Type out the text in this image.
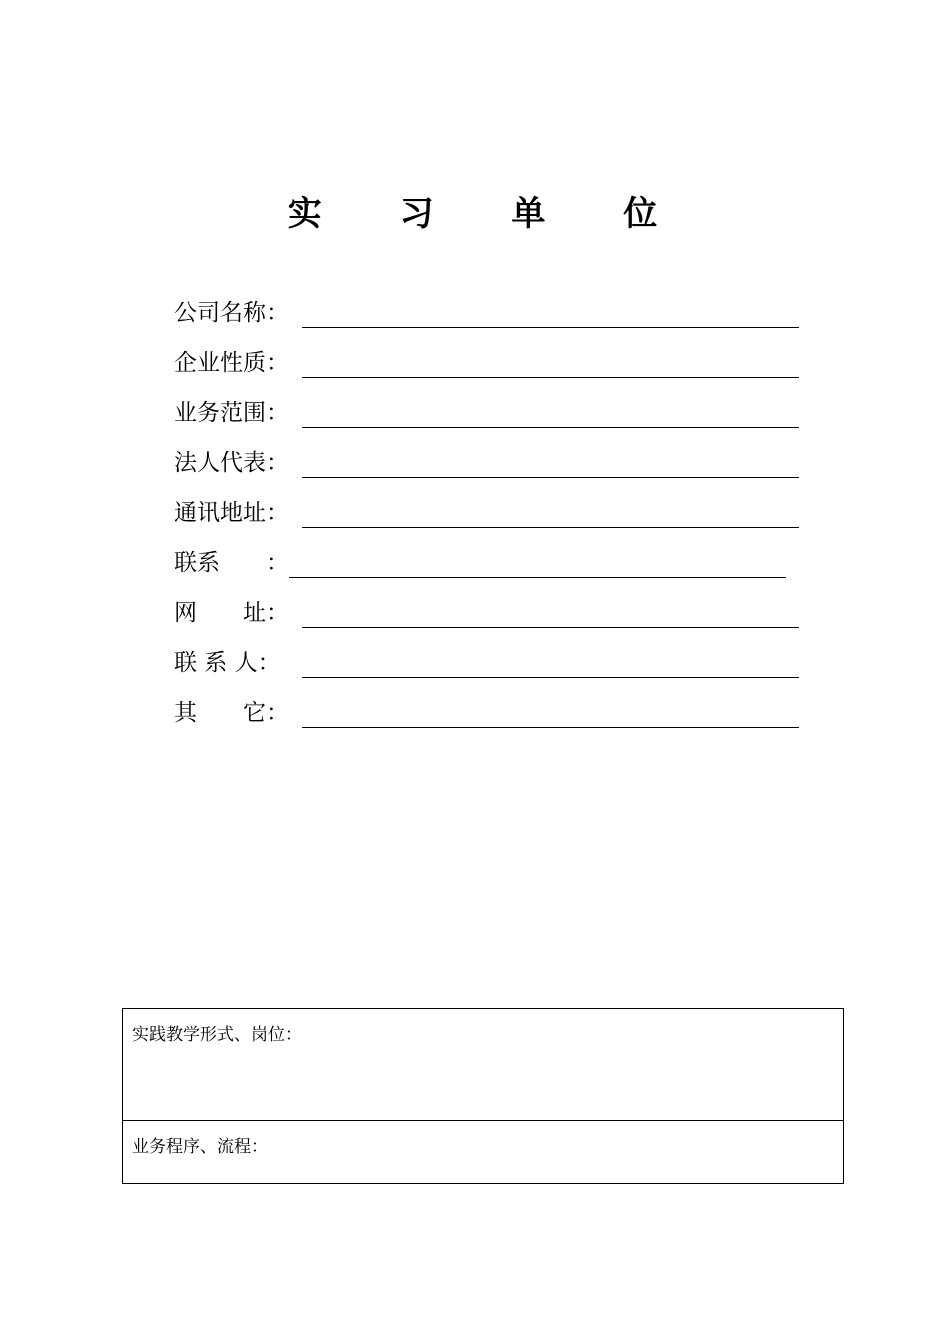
实 习 单 位
公司名称：
企业性质：
业务范围：
法人代表：
通讯地址：
联系　　：
网　　址：
联 系 人：
其　　它：
实践教学形式、岗位：
业务程序、流程：
